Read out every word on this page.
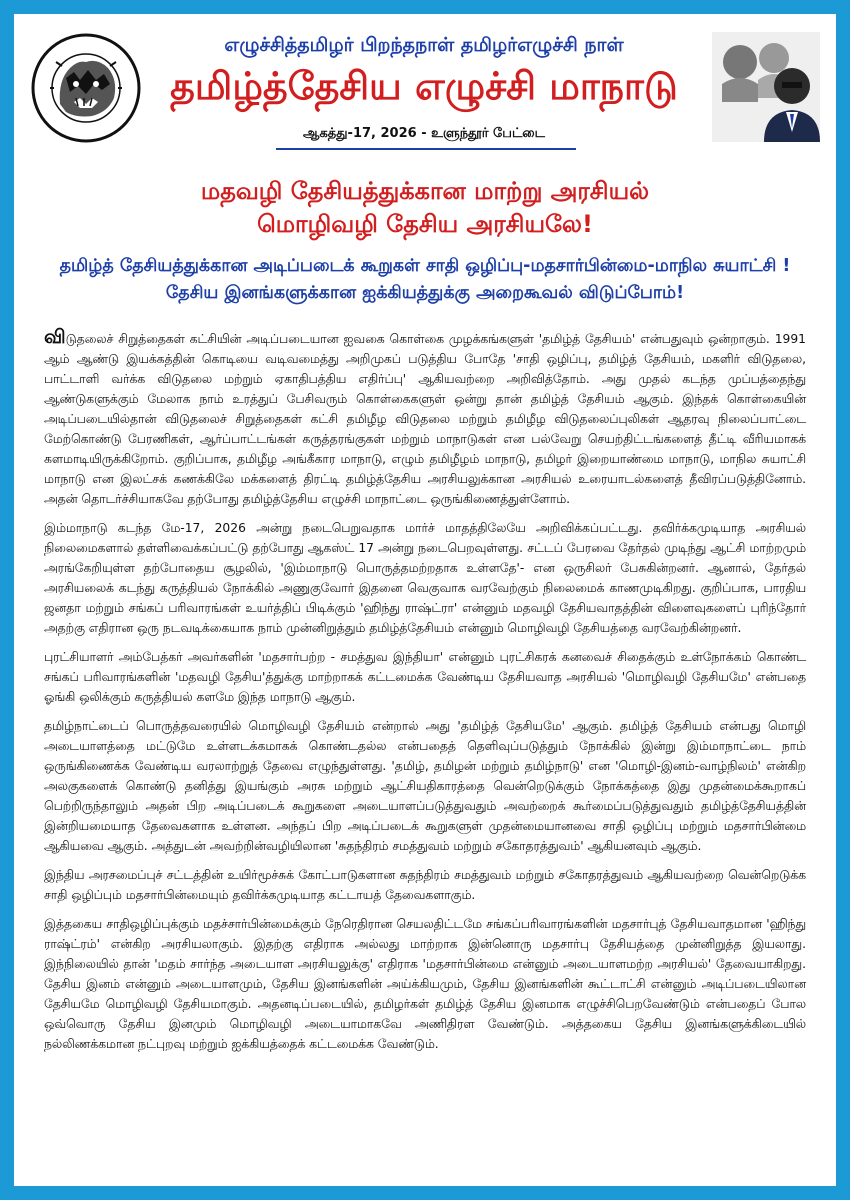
எழுச்சித்தமிழர் பிறந்தநாள் தமிழர்எழுச்சி நாள்
தமிழ்த்தேசிய எழுச்சி மாநாடு
ஆகத்து-17, 2026 - உளுந்தூர் பேட்டை
மதவழி தேசியத்துக்கான மாற்று அரசியல்
மொழிவழி தேசிய அரசியலே!
தமிழ்த் தேசியத்துக்கான அடிப்படைக் கூறுகள் சாதி ஒழிப்பு-மதசார்பின்மை-மாநில சுயாட்சி !
தேசிய இனங்களுக்கான ஐக்கியத்துக்கு அறைகூவல் விடுப்போம்!

விடுதலைச் சிறுத்தைகள் கட்சியின் அடிப்படையான ஐவகை கொள்கை முழக்கங்களுள் 'தமிழ்த் தேசியம்' என்பதுவும் ஒன்றாகும். 1991 ஆம் ஆண்டு இயக்கத்தின் கொடியை வடிவமைத்து அறிமுகப் படுத்திய போதே 'சாதி ஒழிப்பு, தமிழ்த் தேசியம், மகளிர் விடுதலை, பாட்டாளி வர்க்க விடுதலை மற்றும் ஏகாதிபத்திய எதிர்ப்பு' ஆகியவற்றை அறிவித்தோம். அது முதல் கடந்த முப்பத்தைந்து ஆண்டுகளுக்கும் மேலாக நாம் உரத்துப் பேசிவரும் கொள்கைகளுள் ஒன்று தான் தமிழ்த் தேசியம் ஆகும். இந்தக் கொள்கையின் அடிப்படையில்தான் விடுதலைச் சிறுத்தைகள் கட்சி தமிழீழ விடுதலை மற்றும் தமிழீழ விடுதலைப்புலிகள் ஆதரவு நிலைப்பாட்டை மேற்கொண்டு பேரணிகள், ஆர்ப்பாட்டங்கள் கருத்தரங்குகள் மற்றும் மாநாடுகள் என பல்வேறு செயற்திட்டங்களைத் தீட்டி வீரியமாகக் களமாடியிருக்கிறோம். குறிப்பாக, தமிழீழ அங்கீகார மாநாடு, எழும் தமிழீழம் மாநாடு, தமிழர் இறையாண்மை மாநாடு, மாநில சுயாட்சி மாநாடு என இலட்சக் கணக்கிலே மக்களைத் திரட்டி தமிழ்த்தேசிய அரசியலுக்கான அரசியல் உரையாடல்களைத் தீவிரப்படுத்தினோம். அதன் தொடர்ச்சியாகவே தற்போது தமிழ்த்தேசிய எழுச்சி மாநாட்டை ஒருங்கிணைத்துள்ளோம்.

இம்மாநாடு கடந்த மே-17, 2026 அன்று நடைபெறுவதாக மார்ச் மாதத்திலேயே அறிவிக்கப்பட்டது. தவிர்க்கமுடியாத அரசியல் நிலைமைகளால் தள்ளிவைக்கப்பட்டு தற்போது ஆகஸ்ட் 17 அன்று நடைபெறவுள்ளது. சட்டப் பேரவை தேர்தல் முடிந்து ஆட்சி மாற்றமும் அரங்கேறியுள்ள தற்போதைய சூழலில், 'இம்மாநாடு பொருத்தமற்றதாக உள்ளதே'- என ஒருசிலர் பேசுகின்றனர். ஆனால், தேர்தல் அரசியலைக் கடந்து கருத்தியல் நோக்கில் அணுகுவோர் இதனை வெகுவாக வரவேற்கும் நிலைமைக் காணமுடிகிறது. குறிப்பாக, பாரதிய ஜனதா மற்றும் சங்கப் பரிவாரங்கள் உயர்த்திப் பிடிக்கும் 'ஹிந்து ராஷ்ட்ரா' என்னும் மதவழி தேசியவாதத்தின் விளைவுகளைப் புரிந்தோர் அதற்கு எதிரான ஒரு நடவடிக்கையாக நாம் முன்னிறுத்தும் தமிழ்த்தேசியம் என்னும் மொழிவழி தேசியத்தை வரவேற்கின்றனர்.

புரட்சியாளர் அம்பேத்கர் அவர்களின் 'மதசார்பற்ற - சமத்துவ இந்தியா' என்னும் புரட்சிகரக் கனவைச் சிதைக்கும் உள்நோக்கம் கொண்ட சங்கப் பரிவாரங்களின் 'மதவழி தேசிய'த்துக்கு மாற்றாகக் கட்டமைக்க வேண்டிய தேசியவாத அரசியல் 'மொழிவழி தேசியமே' என்பதை ஓங்கி ஒலிக்கும் கருத்தியல் களமே இந்த மாநாடு ஆகும்.

தமிழ்நாட்டைப் பொருத்தவரையில் மொழிவழி தேசியம் என்றால் அது 'தமிழ்த் தேசியமே' ஆகும். தமிழ்த் தேசியம் என்பது மொழி அடையாளத்தை மட்டுமே உள்ளடக்கமாகக் கொண்டதல்ல என்பதைத் தெளிவுப்படுத்தும் நோக்கில் இன்று இம்மாநாட்டை நாம் ஒருங்கிணைக்க வேண்டிய வரலாற்றுத் தேவை எழுந்துள்ளது. 'தமிழ், தமிழன் மற்றும் தமிழ்நாடு' என 'மொழி-இனம்-வாழ்நிலம்' என்கிற அலகுகளைக் கொண்டு தனித்து இயங்கும் அரசு மற்றும் ஆட்சியதிகாரத்தை வென்றெடுக்கும் நோக்கத்தை இது முதன்மைக்கூறாகப் பெற்றிருந்தாலும் அதன் பிற அடிப்படைக் கூறுகளை அடையாளப்படுத்துவதும் அவற்றைக் கூர்மைப்படுத்துவதும் தமிழ்த்தேசியத்தின் இன்றியமையாத தேவைகளாக உள்ளன. அந்தப் பிற அடிப்படைக் கூறுகளுள் முதன்மையானவை சாதி ஒழிப்பு மற்றும் மதசார்பின்மை ஆகியவை ஆகும். அத்துடன் அவற்றின்வழியிலான 'சுதந்திரம் சமத்துவம் மற்றும் சகோதரத்துவம்' ஆகியனவும் ஆகும்.

இந்திய அரசமைப்புச் சட்டத்தின் உயிர்மூச்சுக் கோட்பாடுகளான சுதந்திரம் சமத்துவம் மற்றும் சகோதரத்துவம் ஆகியவற்றை வென்றெடுக்க சாதி ஒழிப்பும் மதசார்பின்மையும் தவிர்க்கமுடியாத கட்டாயத் தேவைகளாகும்.

இத்தகைய சாதிஒழிப்புக்கும் மதச்சார்பின்மைக்கும் நேரெதிரான செயலதிட்டமே சங்கப்பரிவாரங்களின் மதசார்புத் தேசியவாதமான 'ஹிந்து ராஷ்ட்ரம்' என்கிற அரசியலாகும். இதற்கு எதிராக அல்லது மாற்றாக இன்னொரு மதசார்பு தேசியத்தை முன்னிறுத்த இயலாது. இந்நிலையில் தான் 'மதம் சார்ந்த அடையாள அரசியலுக்கு' எதிராக 'மதசார்பின்மை என்னும் அடையாளமற்ற அரசியல்' தேவையாகிறது. தேசிய இனம் என்னும் அடையாளமும், தேசிய இனங்களின் அய்க்கியமும், தேசிய இனங்களின் கூட்டாட்சி என்னும் அடிப்படையிலான தேசியமே மொழிவழி தேசியமாகும். அதனடிப்படையில், தமிழர்கள் தமிழ்த் தேசிய இனமாக எழுச்சிபெறவேண்டும் என்பதைப் போல ஒவ்வொரு தேசிய இனமும் மொழிவழி அடையாமாகவே அணிதிரள வேண்டும். அத்தகைய தேசிய இனங்களுக்கிடையில் நல்லிணக்கமான நட்புறவு மற்றும் ஐக்கியத்தைக் கட்டமைக்க வேண்டும்.
